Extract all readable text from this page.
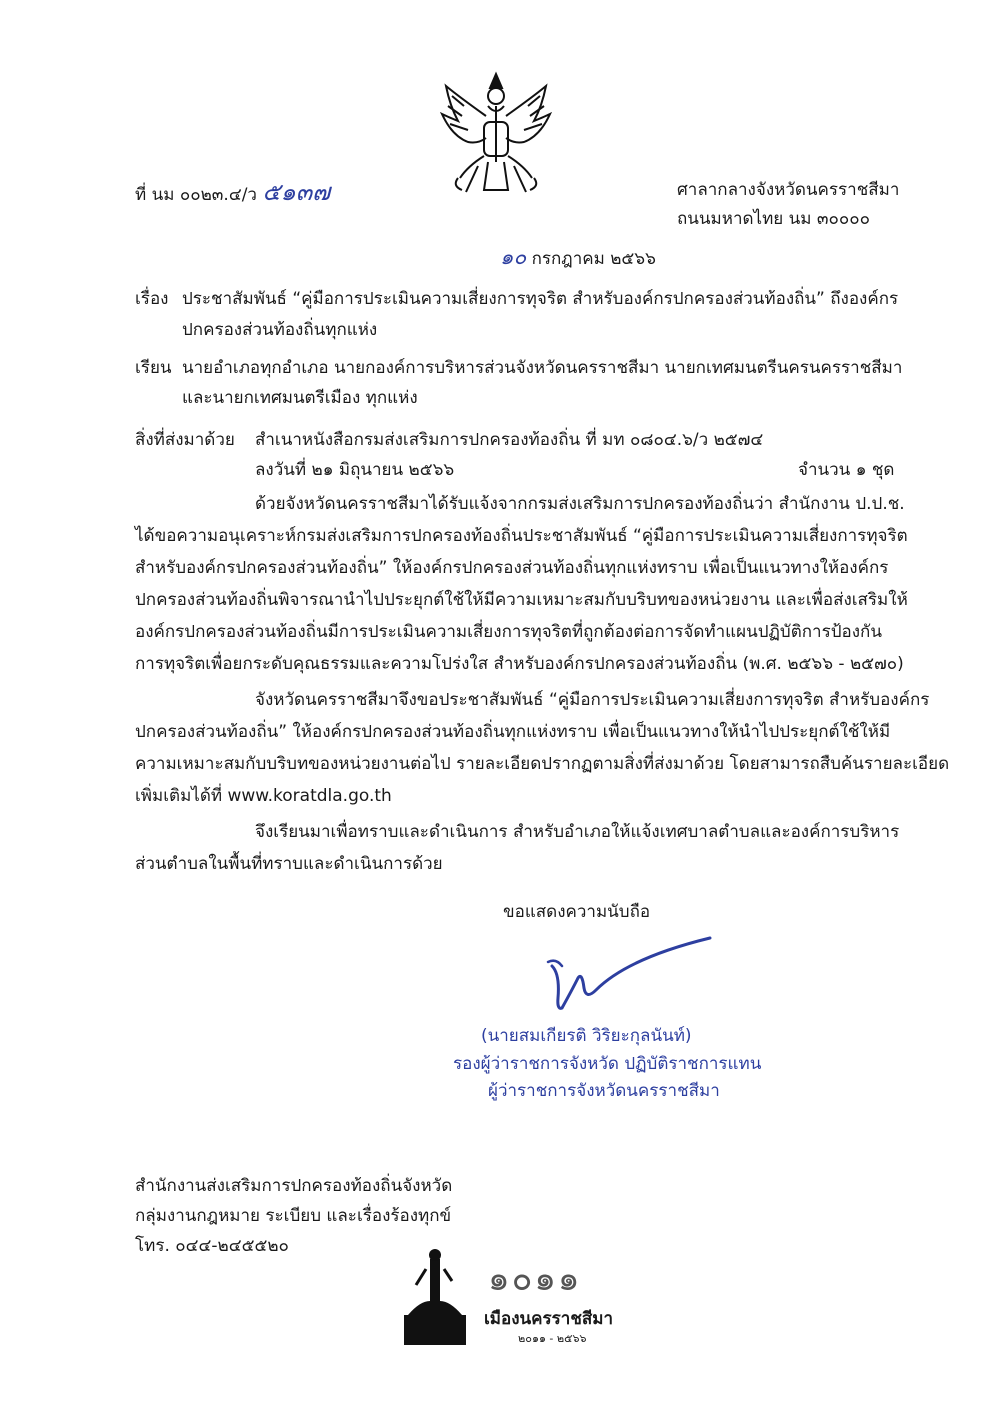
ที่ นม ๐๐๒๓.๔/ว ๕๑๓๗	ศาลากลางจังหวัดนครราชสีมา
ถนนมหาดไทย นม ๓๐๐๐๐
๑๐ กรกฎาคม ๒๕๖๖
เรื่อง ประชาสัมพันธ์ “คู่มือการประเมินความเสี่ยงการทุจริต สำหรับองค์กรปกครองส่วนท้องถิ่น” ถึงองค์กร
ปกครองส่วนท้องถิ่นทุกแห่ง
เรียน นายอำเภอทุกอำเภอ นายกองค์การบริหารส่วนจังหวัดนครราชสีมา นายกเทศมนตรีนครนครราชสีมา
และนายกเทศมนตรีเมือง ทุกแห่ง
สิ่งที่ส่งมาด้วย สำเนาหนังสือกรมส่งเสริมการปกครองท้องถิ่น ที่ มท ๐๘๐๔.๖/ว ๒๕๗๔
ลงวันที่ ๒๑ มิถุนายน ๒๕๖๖	จำนวน ๑ ชุด
ด้วยจังหวัดนครราชสีมาได้รับแจ้งจากกรมส่งเสริมการปกครองท้องถิ่นว่า สำนักงาน ป.ป.ช.
ได้ขอความอนุเคราะห์กรมส่งเสริมการปกครองท้องถิ่นประชาสัมพันธ์ “คู่มือการประเมินความเสี่ยงการทุจริต
สำหรับองค์กรปกครองส่วนท้องถิ่น” ให้องค์กรปกครองส่วนท้องถิ่นทุกแห่งทราบ เพื่อเป็นแนวทางให้องค์กร
ปกครองส่วนท้องถิ่นพิจารณานำไปประยุกต์ใช้ให้มีความเหมาะสมกับบริบทของหน่วยงาน และเพื่อส่งเสริมให้
องค์กรปกครองส่วนท้องถิ่นมีการประเมินความเสี่ยงการทุจริตที่ถูกต้องต่อการจัดทำแผนปฏิบัติการป้องกัน
การทุจริตเพื่อยกระดับคุณธรรมและความโปร่งใส สำหรับองค์กรปกครองส่วนท้องถิ่น (พ.ศ. ๒๕๖๖ - ๒๕๗๐)
จังหวัดนครราชสีมาจึงขอประชาสัมพันธ์ “คู่มือการประเมินความเสี่ยงการทุจริต สำหรับองค์กร
ปกครองส่วนท้องถิ่น” ให้องค์กรปกครองส่วนท้องถิ่นทุกแห่งทราบ เพื่อเป็นแนวทางให้นำไปประยุกต์ใช้ให้มี
ความเหมาะสมกับบริบทของหน่วยงานต่อไป รายละเอียดปรากฏตามสิ่งที่ส่งมาด้วย โดยสามารถสืบค้นรายละเอียด
เพิ่มเติมได้ที่ www.koratdla.go.th
จึงเรียนมาเพื่อทราบและดำเนินการ สำหรับอำเภอให้แจ้งเทศบาลตำบลและองค์การบริหาร
ส่วนตำบลในพื้นที่ทราบและดำเนินการด้วย
ขอแสดงความนับถือ
(นายสมเกียรติ วิริยะกุลนันท์)
รองผู้ว่าราชการจังหวัด ปฏิบัติราชการแทน
ผู้ว่าราชการจังหวัดนครราชสีมา
สำนักงานส่งเสริมการปกครองท้องถิ่นจังหวัด
กลุ่มงานกฎหมาย ระเบียบ และเรื่องร้องทุกข์
โทร. ๐๔๔-๒๔๕๕๒๐
๑๐๑๑
เมืองนครราชสีมา
๒๐๑๑ - ๒๕๖๖
